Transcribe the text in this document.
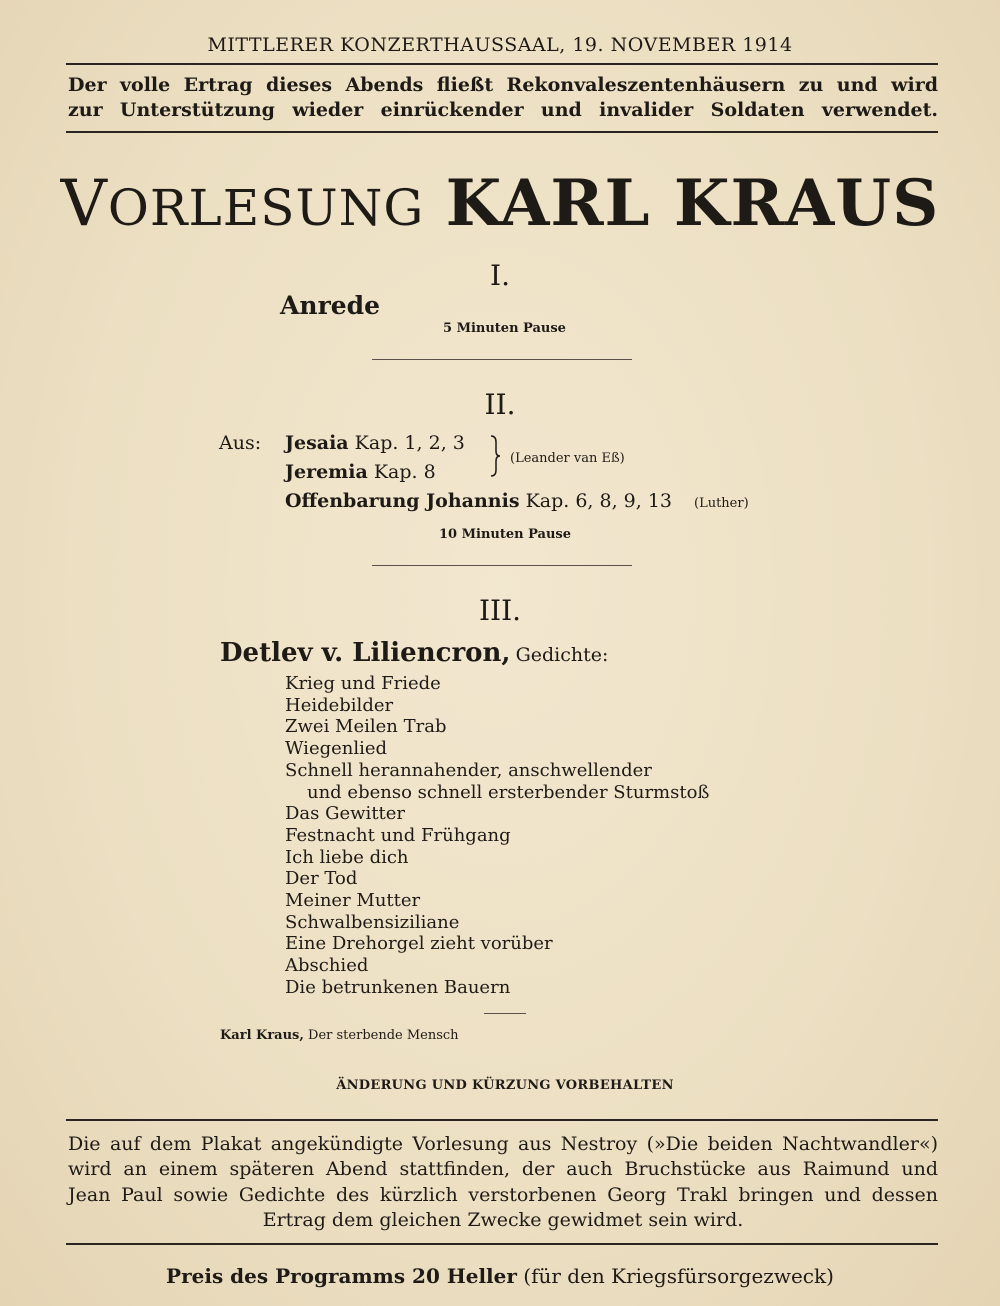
MITTLERER KONZERTHAUSSAAL, 19. NOVEMBER 1914
Der volle Ertrag dieses Abends fließt Rekonvaleszentenhäusern zu und wird
zur Unterstützung wieder einrückender und invalider Soldaten verwendet.
VORLESUNG KARL KRAUS
I.
Anrede
5 Minuten Pause
II.
Aus: Jesaia Kap. 1, 2, 3
Jeremia Kap. 8
(Leander van Eß)
Offenbarung Johannis Kap. 6, 8, 9, 13 (Luther)
10 Minuten Pause
III.
Detlev v. Liliencron, Gedichte:
Krieg und Friede
Heidebilder
Zwei Meilen Trab
Wiegenlied
Schnell herannahender, anschwellender
und ebenso schnell ersterbender Sturmstoß
Das Gewitter
Festnacht und Frühgang
Ich liebe dich
Der Tod
Meiner Mutter
Schwalbensiziliane
Eine Drehorgel zieht vorüber
Abschied
Die betrunkenen Bauern
Karl Kraus, Der sterbende Mensch
ÄNDERUNG UND KÜRZUNG VORBEHALTEN
Die auf dem Plakat angekündigte Vorlesung aus Nestroy (»Die beiden Nachtwandler«)
wird an einem späteren Abend stattfinden, der auch Bruchstücke aus Raimund und
Jean Paul sowie Gedichte des kürzlich verstorbenen Georg Trakl bringen und dessen
Ertrag dem gleichen Zwecke gewidmet sein wird.
Preis des Programms 20 Heller (für den Kriegsfürsorgezweck)
